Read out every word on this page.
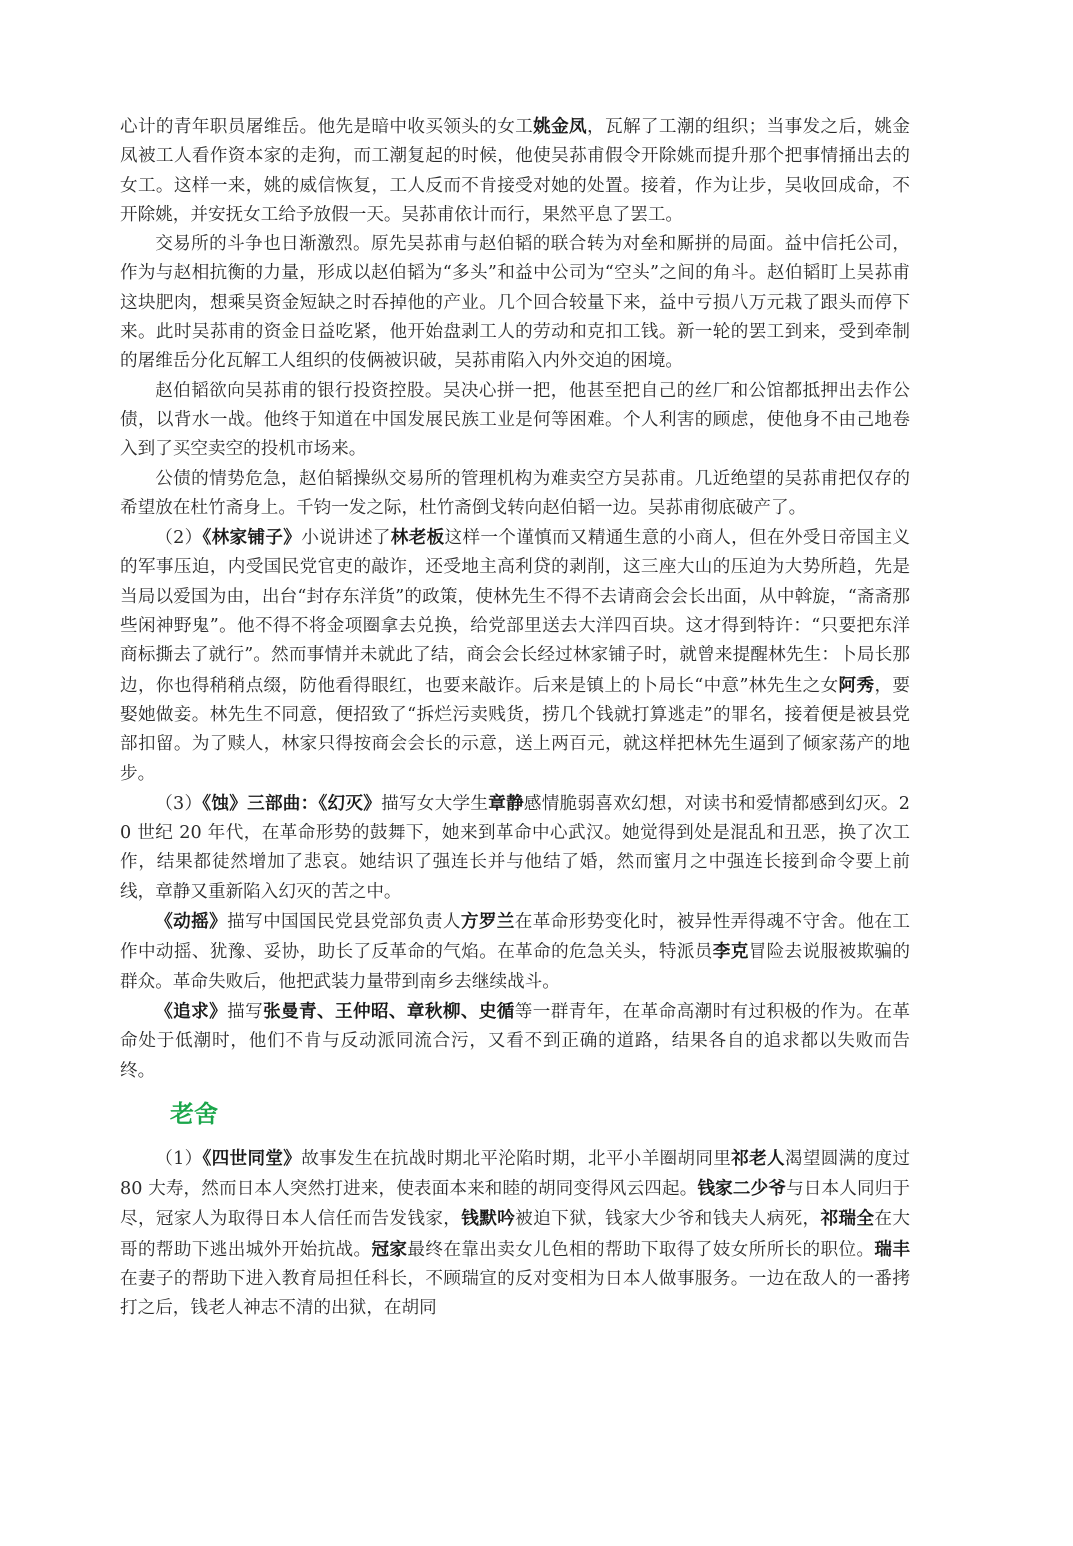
心计的青年职员屠维岳。他先是暗中收买领头的女工姚金凤，瓦解了工潮的组织；当事发之后，姚金凤被工人看作资本家的走狗，而工潮复起的时候，他使吴荪甫假令开除姚而提升那个把事情捅出去的女工。这样一来，姚的威信恢复，工人反而不肯接受对她的处置。接着，作为让步，吴收回成命，不开除姚，并安抚女工给予放假一天。吴荪甫依计而行，果然平息了罢工。

交易所的斗争也日渐激烈。原先吴荪甫与赵伯韬的联合转为对垒和厮拼的局面。益中信托公司，作为与赵相抗衡的力量，形成以赵伯韬为“多头”和益中公司为“空头”之间的角斗。赵伯韬盯上吴荪甫这块肥肉，想乘吴资金短缺之时吞掉他的产业。几个回合较量下来，益中亏损八万元栽了跟头而停下来。此时吴荪甫的资金日益吃紧，他开始盘剥工人的劳动和克扣工钱。新一轮的罢工到来，受到牵制的屠维岳分化瓦解工人组织的伎俩被识破，吴荪甫陷入内外交迫的困境。

赵伯韬欲向吴荪甫的银行投资控股。吴决心拼一把，他甚至把自己的丝厂和公馆都抵押出去作公债，以背水一战。他终于知道在中国发展民族工业是何等困难。个人利害的顾虑，使他身不由己地卷入到了买空卖空的投机市场来。

公债的情势危急，赵伯韬操纵交易所的管理机构为难卖空方吴荪甫。几近绝望的吴荪甫把仅存的希望放在杜竹斋身上。千钧一发之际，杜竹斋倒戈转向赵伯韬一边。吴荪甫彻底破产了。

（2）《林家铺子》小说讲述了林老板这样一个谨慎而又精通生意的小商人，但在外受日帝国主义的军事压迫，内受国民党官吏的敲诈，还受地主高利贷的剥削，这三座大山的压迫为大势所趋，先是当局以爱国为由，出台“封存东洋货”的政策，使林先生不得不去请商会会长出面，从中斡旋，“斋斋那些闲神野鬼”。他不得不将金项圈拿去兑换，给党部里送去大洋四百块。这才得到特许：“只要把东洋商标撕去了就行”。然而事情并未就此了结，商会会长经过林家铺子时，就曾来提醒林先生：卜局长那边，你也得稍稍点缀，防他看得眼红，也要来敲诈。后来是镇上的卜局长“中意”林先生之女阿秀，要娶她做妾。林先生不同意，便招致了“拆烂污卖贱货，捞几个钱就打算逃走”的罪名，接着便是被县党部扣留。为了赎人，林家只得按商会会长的示意，送上两百元，就这样把林先生逼到了倾家荡产的地步。

（3）《蚀》三部曲：《幻灭》描写女大学生章静感情脆弱喜欢幻想，对读书和爱情都感到幻灭。20 世纪 20 年代，在革命形势的鼓舞下，她来到革命中心武汉。她觉得到处是混乱和丑恶，换了次工作，结果都徒然增加了悲哀。她结识了强连长并与他结了婚，然而蜜月之中强连长接到命令要上前线，章静又重新陷入幻灭的苦之中。

《动摇》描写中国国民党县党部负责人方罗兰在革命形势变化时，被异性弄得魂不守舍。他在工作中动摇、犹豫、妥协，助长了反革命的气焰。在革命的危急关头，特派员李克冒险去说服被欺骗的群众。革命失败后，他把武装力量带到南乡去继续战斗。

《追求》描写张曼青、王仲昭、章秋柳、史循等一群青年，在革命高潮时有过积极的作为。在革命处于低潮时，他们不肯与反动派同流合污，又看不到正确的道路，结果各自的追求都以失败而告终。

老舍

（1）《四世同堂》故事发生在抗战时期北平沦陷时期，北平小羊圈胡同里祁老人渴望圆满的度过 80 大寿，然而日本人突然打进来，使表面本来和睦的胡同变得风云四起。钱家二少爷与日本人同归于尽，冠家人为取得日本人信任而告发钱家，钱默吟被迫下狱，钱家大少爷和钱夫人病死，祁瑞全在大哥的帮助下逃出城外开始抗战。冠家最终在靠出卖女儿色相的帮助下取得了妓女所所长的职位。瑞丰在妻子的帮助下进入教育局担任科长，不顾瑞宣的反对变相为日本人做事服务。一边在敌人的一番拷打之后，钱老人神志不清的出狱，在胡同
